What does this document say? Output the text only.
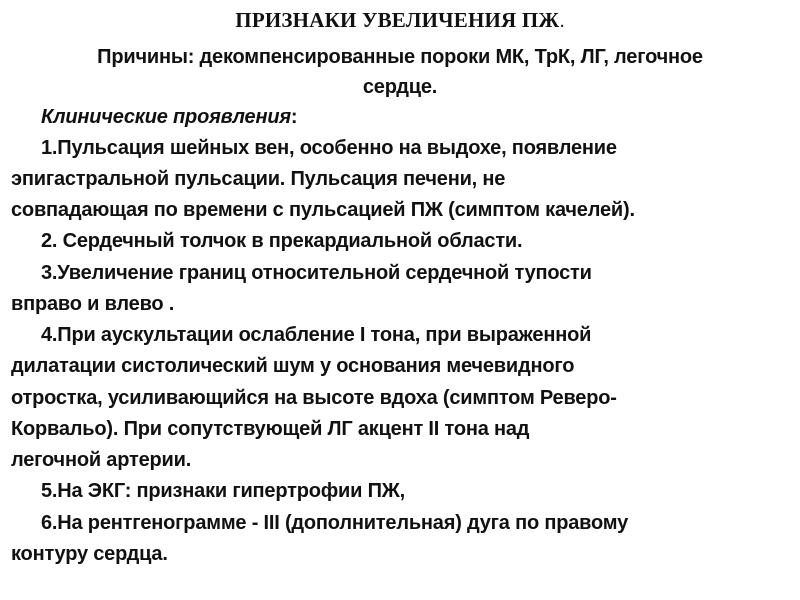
ПРИЗНАКИ УВЕЛИЧЕНИЯ ПЖ.
Причины: декомпенсированные пороки МК, ТрК, ЛГ, легочное
сердце.
Клинические проявления:
1.Пульсация шейных вен, особенно на выдохе, появление
эпигастральной пульсации. Пульсация печени, не
совпадающая по времени с пульсацией ПЖ (симптом качелей).
2. Сердечный толчок в прекардиальной области.
3.Увеличение границ относительной сердечной тупости
вправо и влево .
4.При аускультации ослабление I тона, при выраженной
дилатации систолический шум у основания мечевидного
отростка, усиливающийся на высоте вдоха (симптом Реверо-
Корвальо). При сопутствующей ЛГ акцент II тона над
легочной артерии.
5.На ЭКГ: признаки гипертрофии ПЖ,
6.На рентгенограмме - III (дополнительная) дуга по правому
контуру сердца.
